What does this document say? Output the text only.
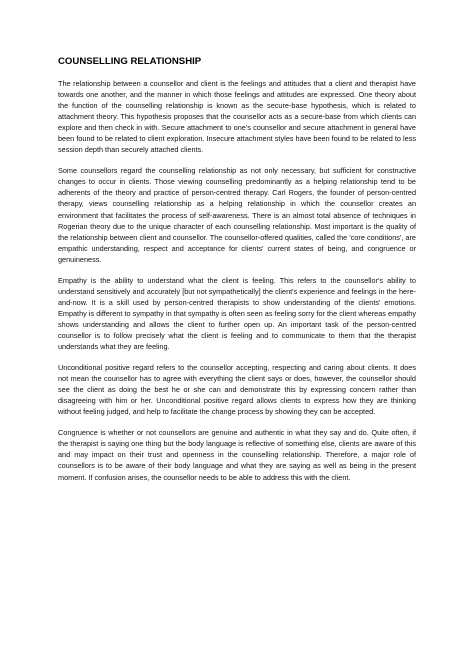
COUNSELLING RELATIONSHIP

The relationship between a counsellor and client is the feelings and attitudes that a client and therapist have towards one another, and the manner in which those feelings and attitudes are expressed. One theory about the function of the counselling relationship is known as the secure-base hypothesis, which is related to attachment theory. This hypothesis proposes that the counsellor acts as a secure-base from which clients can explore and then check in with. Secure attachment to one's counsellor and secure attachment in general have been found to be related to client exploration. Insecure attachment styles have been found to be related to less session depth than securely attached clients.

Some counsellors regard the counselling relationship as not only necessary, but sufficient for constructive changes to occur in clients. Those viewing counselling predominantly as a helping relationship tend to be adherents of the theory and practice of person-centred therapy. Carl Rogers, the founder of person-centred therapy, views counselling relationship as a helping relationship in which the counsellor creates an environment that facilitates the process of self-awareness. There is an almost total absence of techniques in Rogerian theory due to the unique character of each counselling relationship. Most important is the quality of the relationship between client and counsellor. The counsellor-offered qualities, called the 'core conditions', are empathic understanding, respect and acceptance for clients' current states of being, and congruence or genuineness.

Empathy is the ability to understand what the client is feeling. This refers to the counsellor's ability to understand sensitively and accurately [but not sympathetically] the client's experience and feelings in the here-and-now. It is a skill used by person-centred therapists to show understanding of the clients' emotions. Empathy is different to sympathy in that sympathy is often seen as feeling sorry for the client whereas empathy shows understanding and allows the client to further open up. An important task of the person-centred counsellor is to follow precisely what the client is feeling and to communicate to them that the therapist understands what they are feeling.

Unconditional positive regard refers to the counsellor accepting, respecting and caring about clients. It does not mean the counsellor has to agree with everything the client says or does, however, the counsellor should see the client as doing the best he or she can and demonstrate this by expressing concern rather than disagreeing with him or her. Unconditional positive regard allows clients to express how they are thinking without feeling judged, and help to facilitate the change process by showing they can be accepted.

Congruence is whether or not counsellors are genuine and authentic in what they say and do. Quite often, if the therapist is saying one thing but the body language is reflective of something else, clients are aware of this and may impact on their trust and openness in the counselling relationship. Therefore, a major role of counsellors is to be aware of their body language and what they are saying as well as being in the present moment. If confusion arises, the counsellor needs to be able to address this with the client.
